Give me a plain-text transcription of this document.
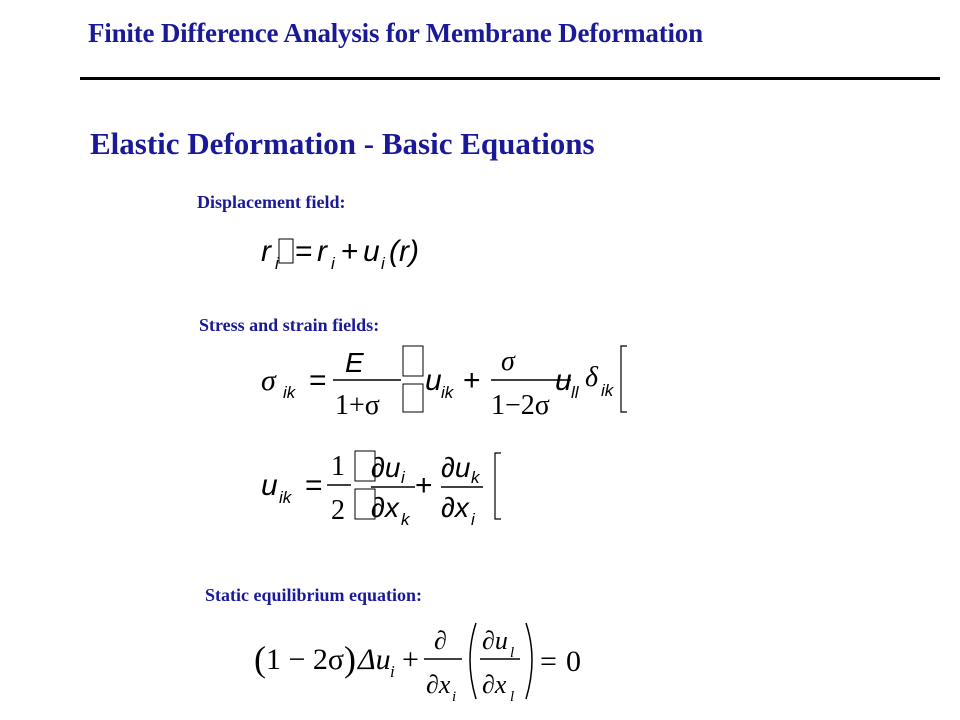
Finite Difference Analysis for Membrane Deformation
Elastic Deformation - Basic Equations
Displacement field:
r i = r i + u i (r)
Stress and strain fields:
σ ik =
E
1+σ
u ik +
σ
1−2σ
u ll δ ik
u ik =
1
2
∂u i
∂x k
+
∂u k
∂x i
Static equilibrium equation:
( 1 − 2σ ) Δu i +
∂
∂x i
∂u l
∂x l
= 0
